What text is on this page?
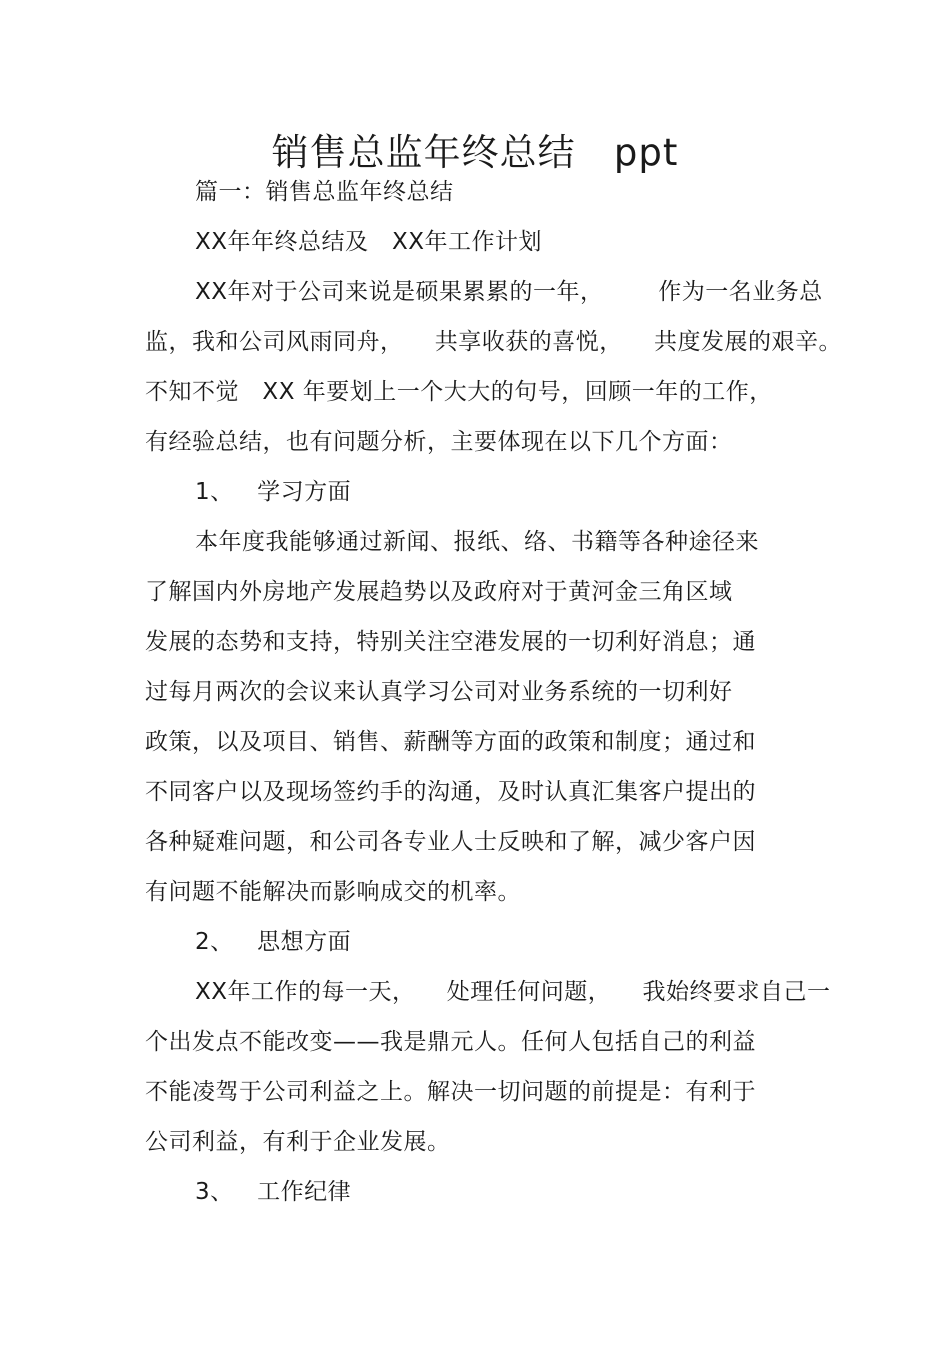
销售总监年终总结   ppt
篇一：销售总监年终总结
XX年年终总结及   XX年工作计划
XX年对于公司来说是硕果累累的一年，       作为一名业务总
监，我和公司风雨同舟，    共享收获的喜悦，    共度发展的艰辛。
不知不觉   XX 年要划上一个大大的句号，回顾一年的工作，
有经验总结，也有问题分析，主要体现在以下几个方面：
1、   学习方面
本年度我能够通过新闻、报纸、络、书籍等各种途径来
了解国内外房地产发展趋势以及政府对于黄河金三角区域
发展的态势和支持，特别关注空港发展的一切利好消息；通
过每月两次的会议来认真学习公司对业务系统的一切利好
政策，以及项目、销售、薪酬等方面的政策和制度；通过和
不同客户以及现场签约手的沟通，及时认真汇集客户提出的
各种疑难问题，和公司各专业人士反映和了解，减少客户因
有问题不能解决而影响成交的机率。
2、   思想方面
XX年工作的每一天，    处理任何问题，    我始终要求自己一
个出发点不能改变——我是鼎元人。任何人包括自己的利益
不能凌驾于公司利益之上。解决一切问题的前提是：有利于
公司利益，有利于企业发展。
3、   工作纪律
